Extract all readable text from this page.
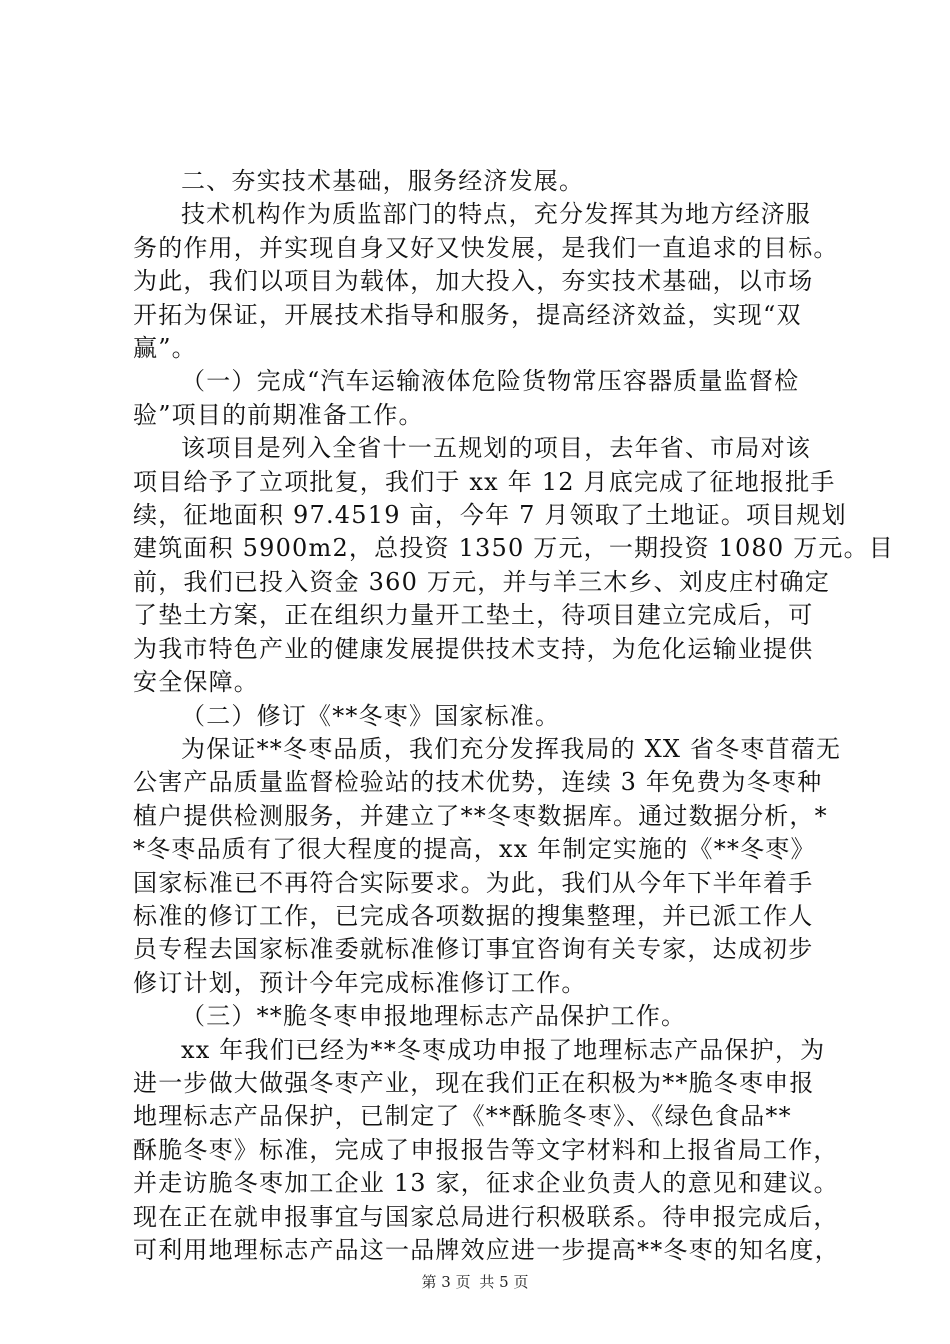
二、夯实技术基础，服务经济发展。
技术机构作为质监部门的特点，充分发挥其为地方经济服
务的作用，并实现自身又好又快发展，是我们一直追求的目标。
为此，我们以项目为载体，加大投入，夯实技术基础，以市场
开拓为保证，开展技术指导和服务，提高经济效益，实现“双
赢”。
（一）完成“汽车运输液体危险货物常压容器质量监督检
验”项目的前期准备工作。
该项目是列入全省十一五规划的项目，去年省、市局对该
项目给予了立项批复，我们于 xx 年 12 月底完成了征地报批手
续，征地面积 97.4519 亩，今年 7 月领取了土地证。项目规划
建筑面积 5900m2，总投资 1350 万元，一期投资 1080 万元。目
前，我们已投入资金 360 万元，并与羊三木乡、刘皮庄村确定
了垫土方案，正在组织力量开工垫土，待项目建立完成后，可
为我市特色产业的健康发展提供技术支持，为危化运输业提供
安全保障。
（二）修订《**冬枣》国家标准。
为保证**冬枣品质，我们充分发挥我局的 XX 省冬枣苜蓿无
公害产品质量监督检验站的技术优势，连续 3 年免费为冬枣种
植户提供检测服务，并建立了**冬枣数据库。通过数据分析，*
*冬枣品质有了很大程度的提高，xx 年制定实施的《**冬枣》
国家标准已不再符合实际要求。为此，我们从今年下半年着手
标准的修订工作，已完成各项数据的搜集整理，并已派工作人
员专程去国家标准委就标准修订事宜咨询有关专家，达成初步
修订计划，预计今年完成标准修订工作。
（三）**脆冬枣申报地理标志产品保护工作。
xx 年我们已经为**冬枣成功申报了地理标志产品保护，为
进一步做大做强冬枣产业，现在我们正在积极为**脆冬枣申报
地理标志产品保护，已制定了《**酥脆冬枣》、《绿色食品**
酥脆冬枣》标准，完成了申报报告等文字材料和上报省局工作，
并走访脆冬枣加工企业 13 家，征求企业负责人的意见和建议。
现在正在就申报事宜与国家总局进行积极联系。待申报完成后，
可利用地理标志产品这一品牌效应进一步提高**冬枣的知名度，
第 3 页 共 5 页
